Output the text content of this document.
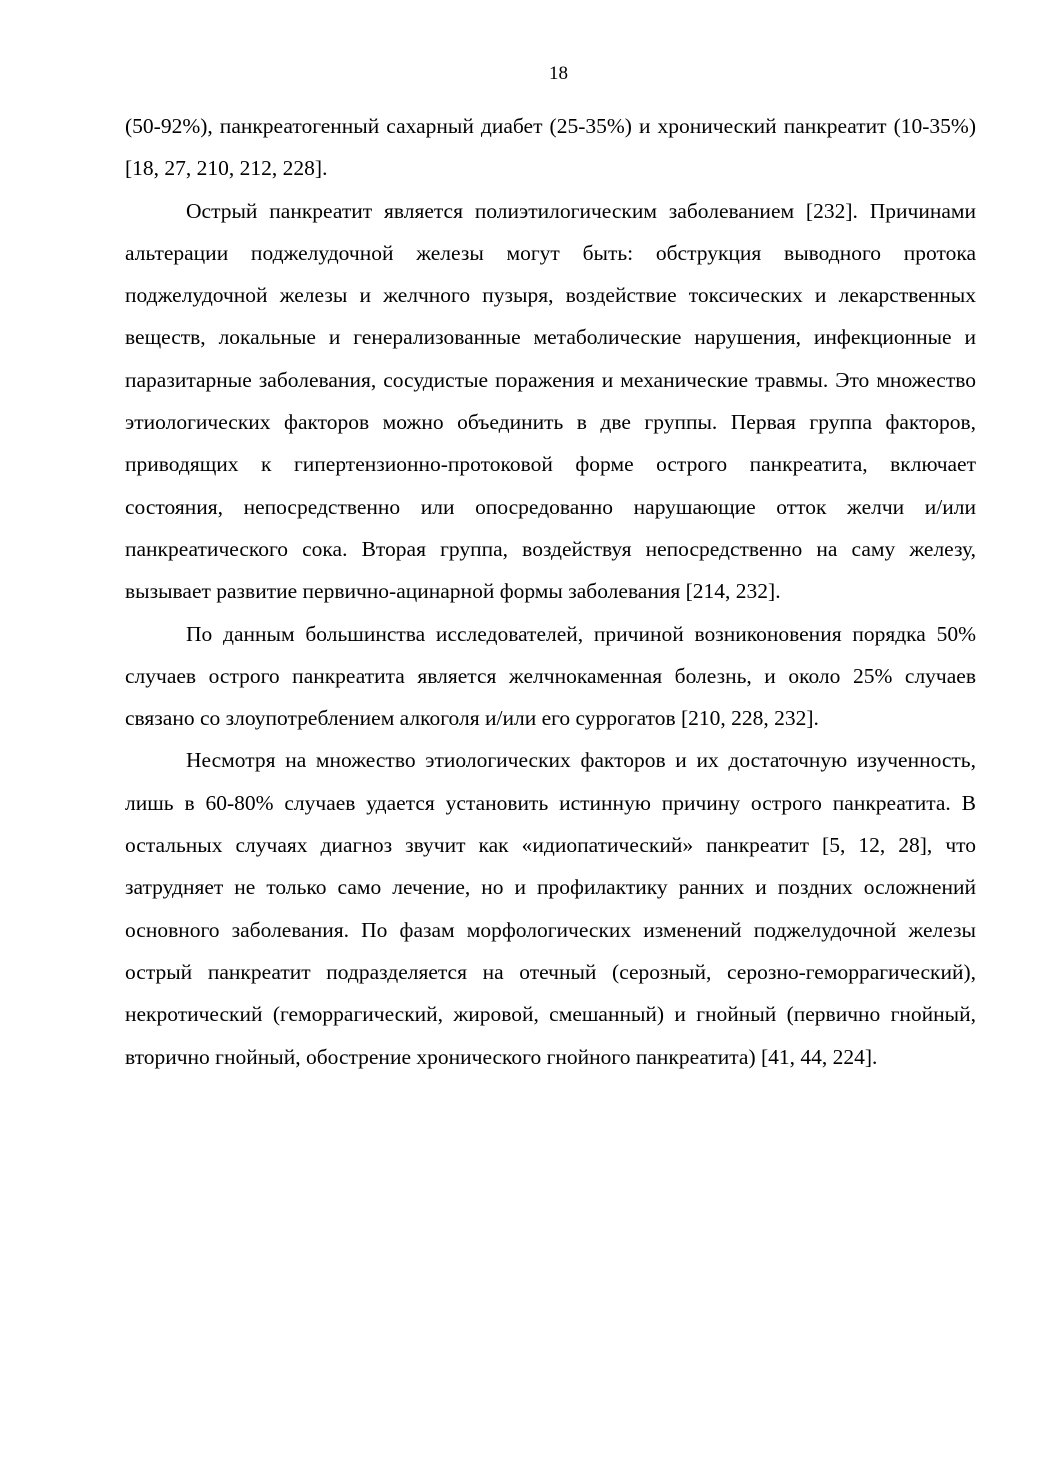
18

(50-92%), панкреатогенный сахарный диабет (25-35%) и хронический панкреатит (10-35%) [18, 27, 210, 212, 228].

Острый панкреатит является полиэтилогическим заболеванием [232]. Причинами альтерации поджелудочной железы могут быть: обструкция выводного протока поджелудочной железы и желчного пузыря, воздействие токсических и лекарственных веществ, локальные и генерализованные метаболические нарушения, инфекционные и паразитарные заболевания, сосудистые поражения и механические травмы. Это множество этиологических факторов можно объединить в две группы. Первая группа факторов, приводящих к гипертензионно-протоковой форме острого панкреатита, включает состояния, непосредственно или опосредованно нарушающие отток желчи и/или панкреатического сока. Вторая группа, воздействуя непосредственно на саму железу, вызывает развитие первично-ацинарной формы заболевания [214, 232].

По данным большинства исследователей, причиной возниконовения порядка 50% случаев острого панкреатита является желчнокаменная болезнь, и около 25% случаев связано со злоупотреблением алкоголя и/или его суррогатов [210, 228, 232].

Несмотря на множество этиологических факторов и их достаточную изученность, лишь в 60-80% случаев удается установить истинную причину острого панкреатита. В остальных случаях диагноз звучит как «идиопатический» панкреатит [5, 12, 28], что затрудняет не только само лечение, но и профилактику ранних и поздних осложнений основного заболевания. По фазам морфологических изменений поджелудочной железы острый панкреатит подразделяется на отечный (серозный, серозно-геморрагический), некротический (геморрагический, жировой, смешанный) и гнойный (первично гнойный, вторично гнойный, обострение хронического гнойного панкреатита) [41, 44, 224].
